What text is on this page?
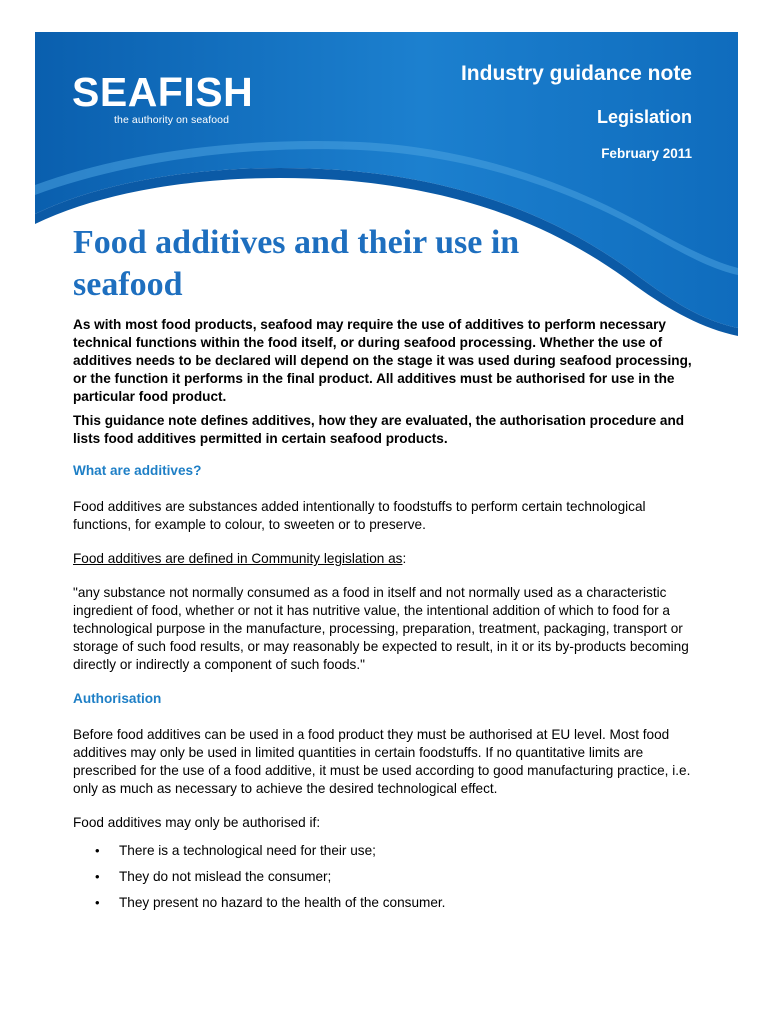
SEAFISH
the authority on seafood
Industry guidance note
Legislation
February 2011
Food additives and their use in seafood

As with most food products, seafood may require the use of additives to perform necessary technical functions within the food itself, or during seafood processing. Whether the use of additives needs to be declared will depend on the stage it was used during seafood processing, or the function it performs in the final product. All additives must be authorised for use in the particular food product.

This guidance note defines additives, how they are evaluated, the authorisation procedure and lists food additives permitted in certain seafood products.

What are additives?

Food additives are substances added intentionally to foodstuffs to perform certain technological functions, for example to colour, to sweeten or to preserve.

Food additives are defined in Community legislation as:

"any substance not normally consumed as a food in itself and not normally used as a characteristic ingredient of food, whether or not it has nutritive value, the intentional addition of which to food for a technological purpose in the manufacture, processing, preparation, treatment, packaging, transport or storage of such food results, or may reasonably be expected to result, in it or its by-products becoming directly or indirectly a component of such foods."

Authorisation

Before food additives can be used in a food product they must be authorised at EU level. Most food additives may only be used in limited quantities in certain foodstuffs. If no quantitative limits are prescribed for the use of a food additive, it must be used according to good manufacturing practice, i.e. only as much as necessary to achieve the desired technological effect.

Food additives may only be authorised if:

• There is a technological need for their use;
• They do not mislead the consumer;
• They present no hazard to the health of the consumer.
